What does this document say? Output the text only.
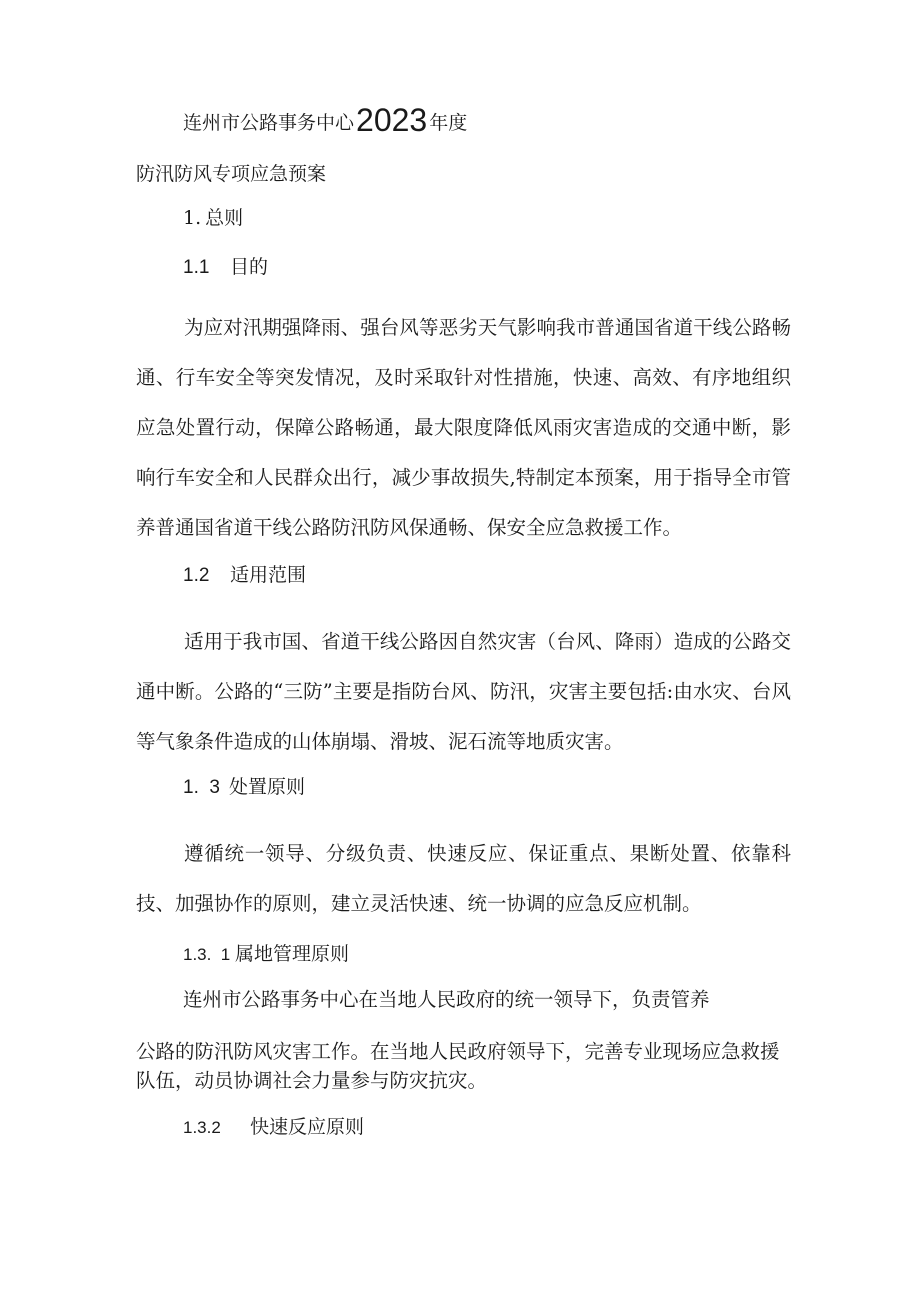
连州市公路事务中心2023 年度
防汛防风专项应急预案
1. 总则
1.1 目的
为应对汛期强降雨、强台风等恶劣天气影响我市普通国省道干线公路畅通、行车安全等突发情况，及时采取针对性措施，快速、高效、有序地组织应急处置行动，保障公路畅通，最大限度降低风雨灾害造成的交通中断，影响行车安全和人民群众出行，减少事故损失,特制定本预案，用于指导全市管养普通国省道干线公路防汛防风保通畅、保安全应急救援工作。
1.2 适用范围
适用于我市国、省道干线公路因自然灾害（台风、降雨）造成的公路交通中断。公路的“三防”主要是指防台风、防汛，灾害主要包括:由水灾、台风等气象条件造成的山体崩塌、滑坡、泥石流等地质灾害。
1.  3 处置原则
遵循统一领导、分级负责、快速反应、保证重点、果断处置、依靠科技、加强协作的原则，建立灵活快速、统一协调的应急反应机制。
1.3.  1 属地管理原则
连州市公路事务中心在当地人民政府的统一领导下，负责管养
公路的防汛防风灾害工作。在当地人民政府领导下，完善专业现场应急救援
队伍，动员协调社会力量参与防灾抗灾。
1.3.2 快速反应原则
